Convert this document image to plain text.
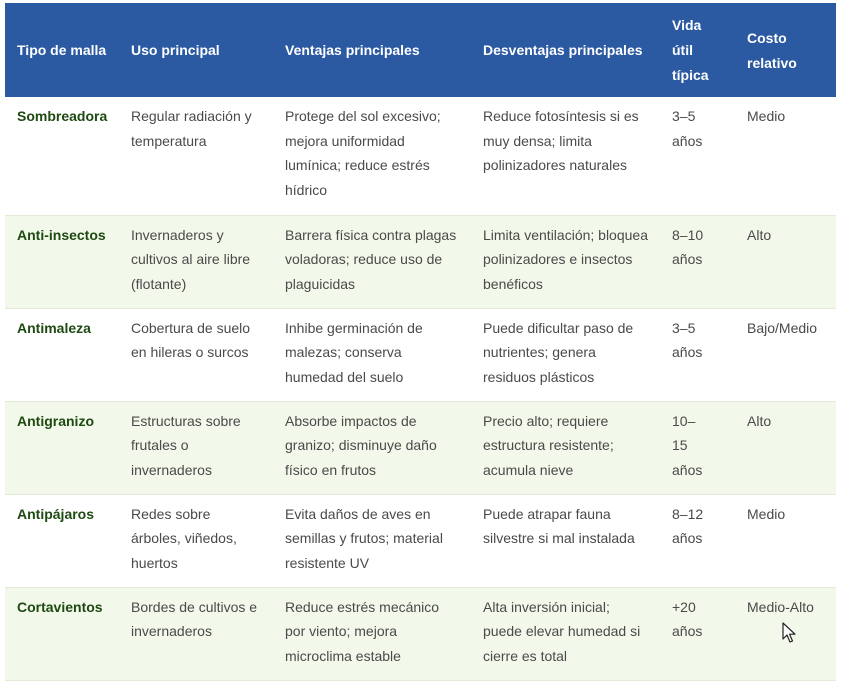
Tipo de malla	Uso principal	Ventajas principales	Desventajas principales	Vida útil típica	Costo relativo
Sombreadora	Regular radiación y temperatura	Protege del sol excesivo; mejora uniformidad lumínica; reduce estrés hídrico	Reduce fotosíntesis si es muy densa; limita polinizadores naturales	3–5 años	Medio
Anti-insectos	Invernaderos y cultivos al aire libre (flotante)	Barrera física contra plagas voladoras; reduce uso de plaguicidas	Limita ventilación; bloquea polinizadores e insectos benéficos	8–10 años	Alto
Antimaleza	Cobertura de suelo en hileras o surcos	Inhibe germinación de malezas; conserva humedad del suelo	Puede dificultar paso de nutrientes; genera residuos plásticos	3–5 años	Bajo/Medio
Antigranizo	Estructuras sobre frutales o invernaderos	Absorbe impactos de granizo; disminuye daño físico en frutos	Precio alto; requiere estructura resistente; acumula nieve	10–15 años	Alto
Antipájaros	Redes sobre árboles, viñedos, huertos	Evita daños de aves en semillas y frutos; material resistente UV	Puede atrapar fauna silvestre si mal instalada	8–12 años	Medio
Cortavientos	Bordes de cultivos e invernaderos	Reduce estrés mecánico por viento; mejora microclima estable	Alta inversión inicial; puede elevar humedad si cierre es total	+20 años	Medio-Alto
